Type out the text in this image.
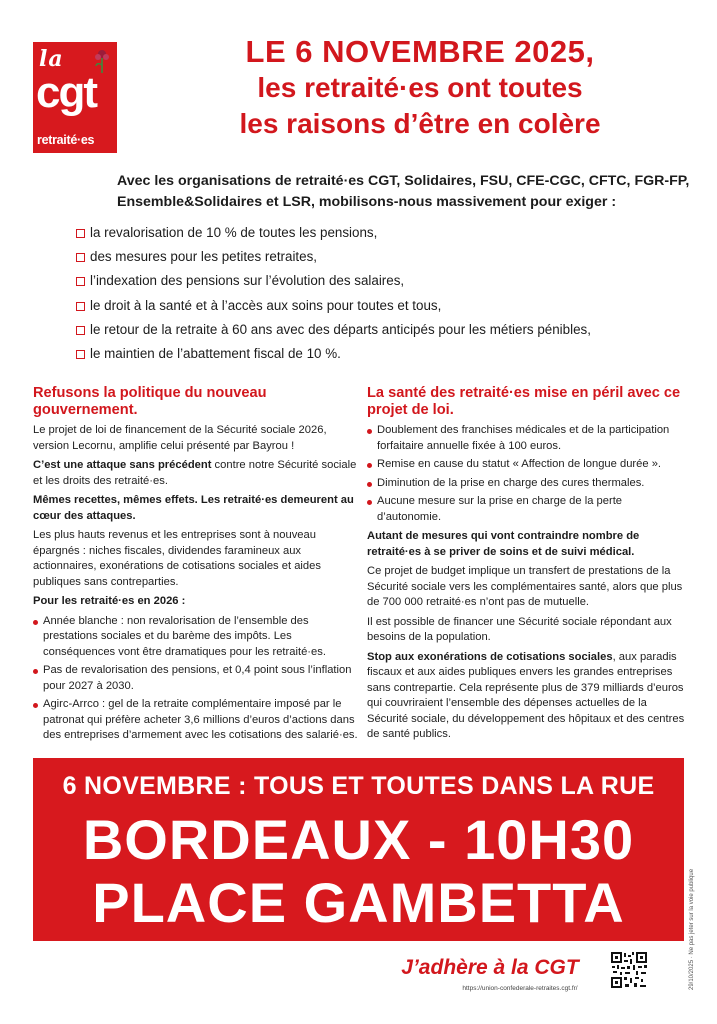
la
cgt
retraité·es
LE 6 NOVEMBRE 2025,
les retraité·es ont toutes
les raisons d’être en colère
Avec les organisations de retraité·es CGT, Solidaires, FSU, CFE-CGC, CFTC, FGR-FP, Ensemble&Solidaires et LSR, mobilisons-nous massivement pour exiger :
la revalorisation de 10 % de toutes les pensions,
des mesures pour les petites retraites,
l’indexation des pensions sur l’évolution des salaires,
le droit à la santé et à l’accès aux soins pour toutes et tous,
le retour de la retraite à 60 ans avec des départs anticipés pour les métiers pénibles,
le maintien de l’abattement fiscal de 10 %.
Refusons la politique du nouveau gouvernement.

Le projet de loi de financement de la Sécurité sociale 2026, version Lecornu, amplifie celui présenté par Bayrou !

C’est une attaque sans précédent contre notre Sécurité sociale et les droits des retraité·es.

Mêmes recettes, mêmes effets. Les retraité·es demeurent au cœur des attaques.

Les plus hauts revenus et les entreprises sont à nouveau épargnés : niches fiscales, dividendes faramineux aux actionnaires, exonérations de cotisations sociales et aides publiques sans contreparties.

Pour les retraité·es en 2026 :

Année blanche : non revalorisation de l’ensemble des prestations sociales et du barème des impôts. Les conséquences vont être dramatiques pour les retraité·es.
Pas de revalorisation des pensions, et 0,4 point sous l’inflation pour 2027 à 2030.
Agirc-Arrco : gel de la retraite complémentaire imposé par le patronat qui préfère acheter 3,6 millions d’euros d’actions dans des entreprises d’armement avec les cotisations des salarié·es.
La santé des retraité·es mise en péril avec ce projet de loi.
Doublement des franchises médicales et de la participation forfaitaire annuelle fixée à 100 euros.
Remise en cause du statut « Affection de longue durée ».
Diminution de la prise en charge des cures thermales.
Aucune mesure sur la prise en charge de la perte d’autonomie.

Autant de mesures qui vont contraindre nombre de retraité·es à se priver de soins et de suivi médical.

Ce projet de budget implique un transfert de prestations de la Sécurité sociale vers les complémentaires santé, alors que plus de 700 000 retraité·es n’ont pas de mutuelle.

Il est possible de financer une Sécurité sociale répondant aux besoins de la population.

Stop aux exonérations de cotisations sociales, aux paradis fiscaux et aux aides publiques envers les grandes entreprises sans contrepartie. Cela représente plus de 379 milliards d’euros qui couvriraient l’ensemble des dépenses actuelles de la Sécurité sociale, du développement des hôpitaux et des centres de santé publics.

6 NOVEMBRE : TOUS ET TOUTES DANS LA RUE
BORDEAUX - 10H30
PLACE GAMBETTA
J’adhère à la CGT
https://union-confederale-retraites.cgt.fr/	29/10/2025 · Ne pas jeter sur la voie publique
